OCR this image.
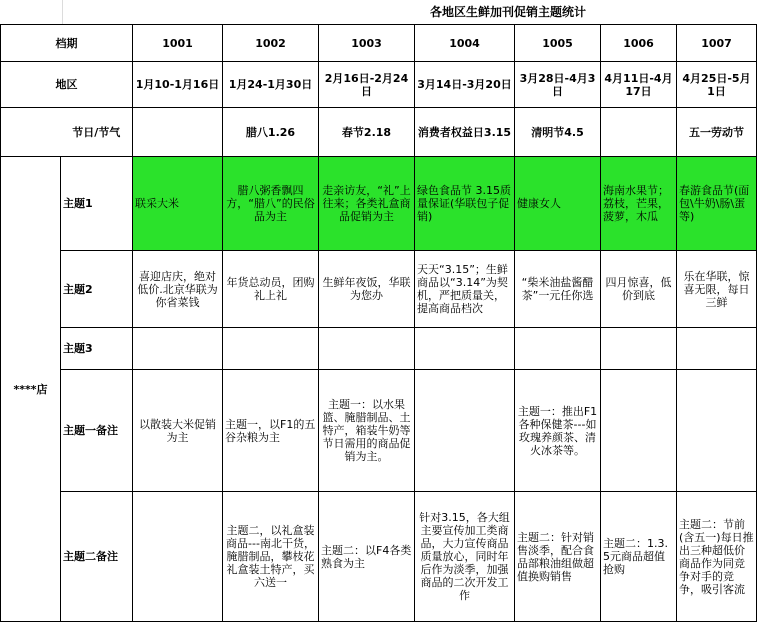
各地区生鲜加刊促销主题统计
档期		1001	1002	1003	1004	1005	1006	1007
地区		1月10-1月16日	1月24-1月30日	2月16日-2月24日	3月14日-3月20日	3月28日-4月3日	4月11日-4月17日	4月25日-5月1日
	节日/节气		腊八1.26	春节2.18	消费者权益日3.15	清明节4.5		五一劳动节
****店	主题1	联采大米	腊八粥香飘四方，“腊八”的民俗品为主	走亲访友，“礼”上往来；各类礼盒商品促销为主	绿色食品节 3.15质量保证(华联包子促销)	健康女人	海南水果节；荔枝，芒果，菠萝，木瓜	春游食品节(面包\牛奶\肠\蛋等)
	主题2	喜迎店庆，绝对低价.北京华联为你省菜钱	年货总动员，团购礼上礼	生鲜年夜饭，华联为您办	天天“3.15”；生鲜商品以“3.14”为契机，严把质量关，提高商品档次	“柴米油盐酱醋茶”一元任你选	四月惊喜，低价到底	乐在华联，惊喜无限，每日三鲜
	主题3							
	主题一备注	以散装大米促销为主	主题一，以F1的五谷杂粮为主	主题一：以水果篮、腌腊制品、土特产，箱装牛奶等节日需用的商品促销为主。		主题一：推出F1各种保健茶---如玫瑰养颜茶、清火冰茶等。		
	主题二备注		主题二，以礼盒装商品---南北干货，腌腊制品，攀枝花礼盒装土特产，买六送一	主题二：以F4各类熟食为主	针对3.15，各大组主要宣传加工类商品，大力宣传商品质量放心，同时年后作为淡季，加强商品的二次开发工作	主题二：针对销售淡季，配合食品部粮油组做超值换购销售	主题二：1.3.5元商品超值抢购	主题二：节前(含五一)每日推出三种超低价商品作为同竞争对手的竞争，吸引客流
